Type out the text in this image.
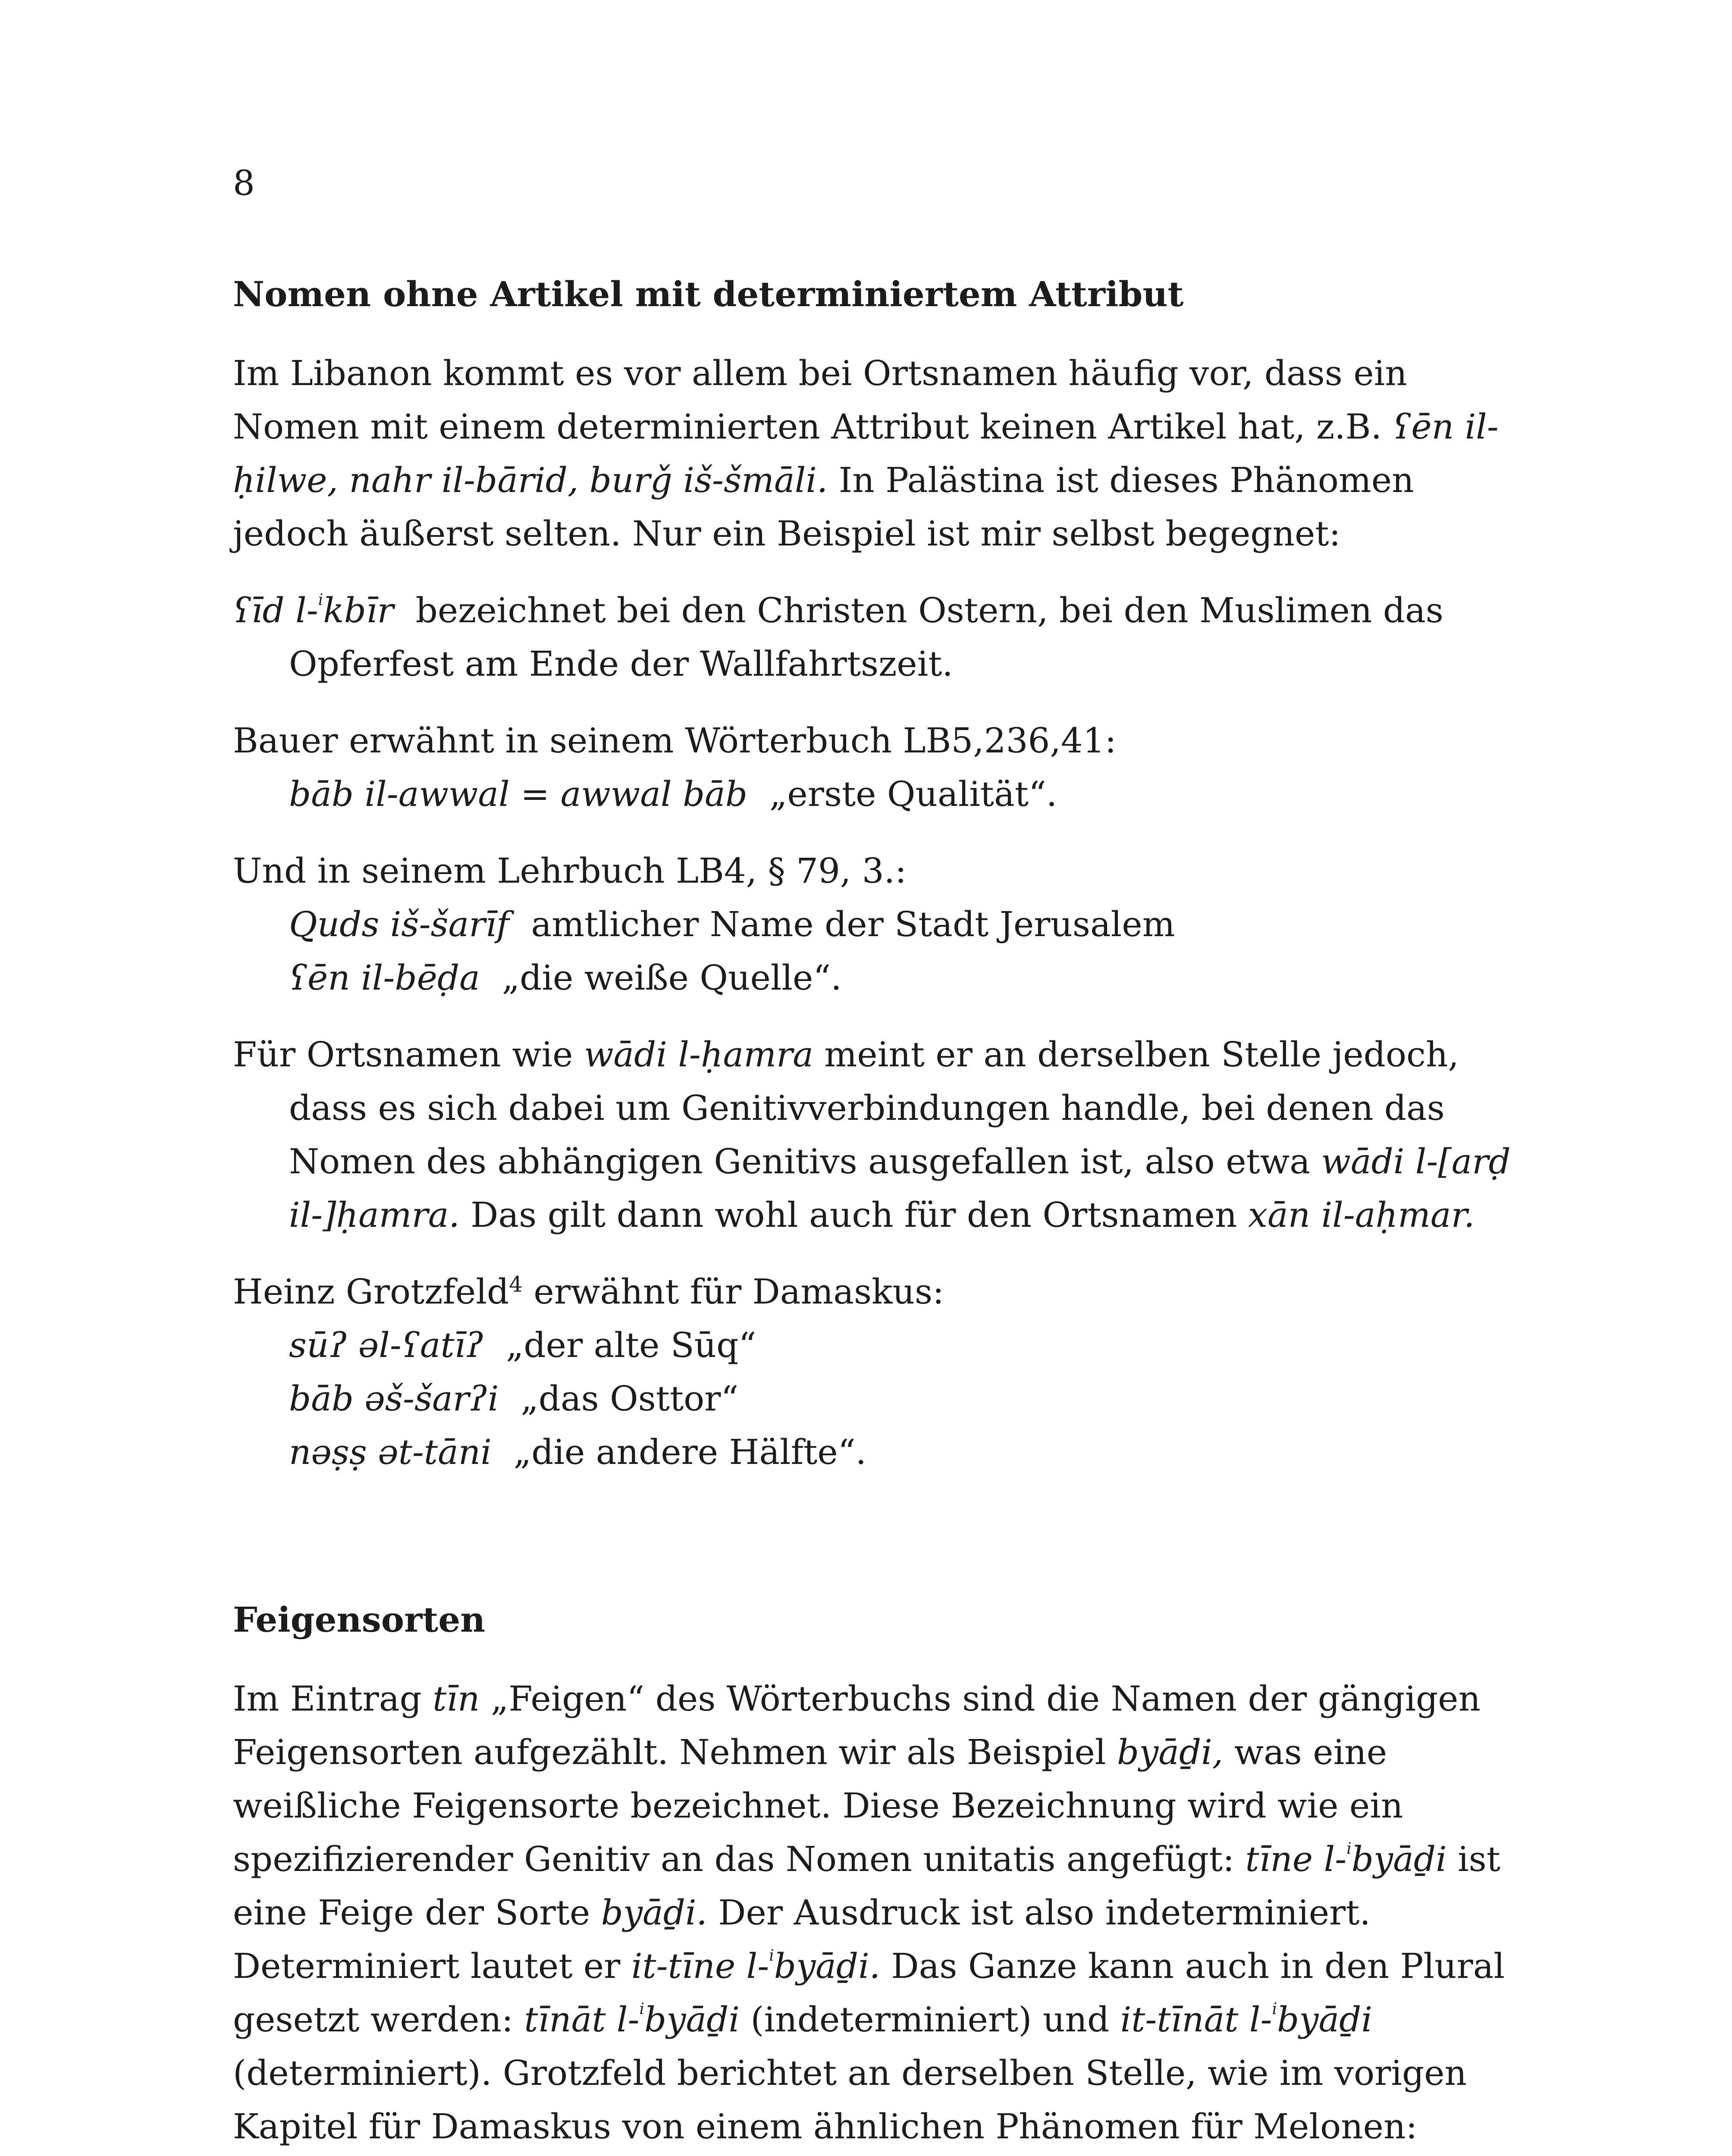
8
Nomen ohne Artikel mit determiniertem Attribut

Im Libanon kommt es vor allem bei Ortsnamen häufig vor, dass ein Nomen mit einem determinierten Attribut keinen Artikel hat, z.B. ʕēn il-ḥilwe, nahr il-bārid, burǧ iš-šmāli. In Palästina ist dieses Phänomen jedoch äußerst selten. Nur ein Beispiel ist mir selbst begegnet:

ʕīd l-$^i$kbīr  bezeichnet bei den Christen Ostern, bei den Muslimen das Opferfest am Ende der Wallfahrtszeit.

Bauer erwähnt in seinem Wörterbuch LB5,236,41:

bāb il-awwal = awwal bāb  „erste Qualität“.

Und in seinem Lehrbuch LB4, § 79, 3.:

Quds iš-šarīf  amtlicher Name der Stadt Jerusalem

ʕēn il-bēḍa  „die weiße Quelle“.

Für Ortsnamen wie wādi l-ḥamra meint er an derselben Stelle jedoch, dass es sich dabei um Genitivverbindungen handle, bei denen das Nomen des abhängigen Genitivs ausgefallen ist, also etwa wādi l-[arḍ il-]ḥamra. Das gilt dann wohl auch für den Ortsnamen xān il-aḥmar.

Heinz Grotzfeld$^4$ erwähnt für Damaskus:

sūʔ əl-ʕatīʔ  „der alte Sūq“

bāb əš-šarʔi  „das Osttor“

nəṣṣ ət-tāni  „die andere Hälfte“.

Feigensorten

Im Eintrag tīn „Feigen“ des Wörterbuchs sind die Namen der gängigen Feigensorten aufgezählt. Nehmen wir als Beispiel byāḏi, was eine weißliche Feigensorte bezeichnet. Diese Bezeichnung wird wie ein spezifizierender Genitiv an das Nomen unitatis angefügt: tīne l-$^i$byāḏi ist eine Feige der Sorte byāḏi. Der Ausdruck ist also indeterminiert. Determiniert lautet er it-tīne l-$^i$byāḏi. Das Ganze kann auch in den Plural gesetzt werden: tīnāt l-$^i$byāḏi (indeterminiert) und it-tīnāt l-$^i$byāḏi (determiniert). Grotzfeld berichtet an derselben Stelle, wie im vorigen Kapitel für Damaskus von einem ähnlichen Phänomen für Melonen:
